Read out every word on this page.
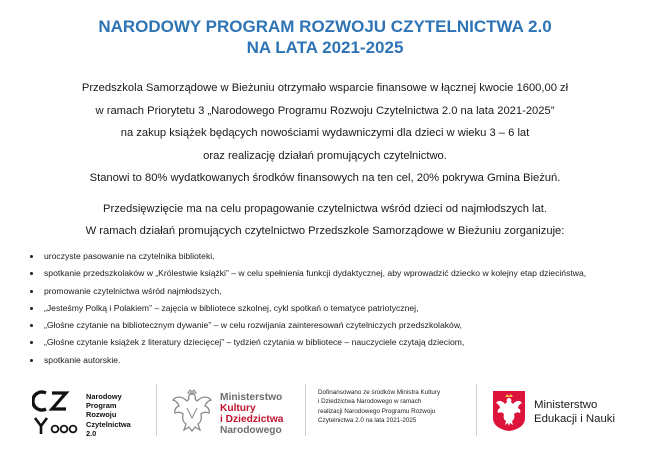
NARODOWY PROGRAM ROZWOJU CZYTELNICTWA 2.0
NA LATA 2021-2025
Przedszkola Samorządowe w Bieżuniu otrzymało wsparcie finansowe w łącznej kwocie 1600,00 zł
w ramach Priorytetu 3 „Narodowego Programu Rozwoju Czytelnictwa 2.0 na lata 2021-2025”
na zakup książek będących nowościami wydawniczymi dla dzieci w wieku 3 – 6 lat
oraz realizację działań promujących czytelnictwo.
Stanowi to 80% wydatkowanych środków finansowych na ten cel, 20% pokrywa Gmina Bieżuń.
Przedsięwzięcie ma na celu propagowanie czytelnictwa wśród dzieci od najmłodszych lat.
W ramach działań promujących czytelnictwo Przedszkole Samorządowe w Bieżuniu zorganizuje:
uroczyste pasowanie na czytelnika biblioteki,
spotkanie przedszkolaków w „Królestwie książki” – w celu spełnienia funkcji dydaktycznej, aby wprowadzić dziecko w kolejny etap dzieciństwa,
promowanie czytelnictwa wśród najmłodszych,
„Jesteśmy Polką i Polakiem” – zajęcia w bibliotece szkolnej, cykl spotkań o tematyce patriotycznej,
„Głośne czytanie na bibliotecznym dywanie” – w celu rozwijania zainteresowań czytelniczych przedszkolaków,
„Głośne czytanie książek z literatury dziecięcej” – tydzień czytania w bibliotece – nauczyciele czytają dzieciom,
spotkanie autorskie.
Narodowy
Program
Rozwoju
Czytelnictwa
2.0
Ministerstwo
Kultury
i Dziedzictwa
Narodowego
Dofinansowano ze środków Ministra Kultury
i Dziedzictwa Narodowego w ramach
realizacji Narodowego Programu Rozwoju
Czytelnictwa 2.0 na lata 2021-2025
Ministerstwo
Edukacji i Nauki
